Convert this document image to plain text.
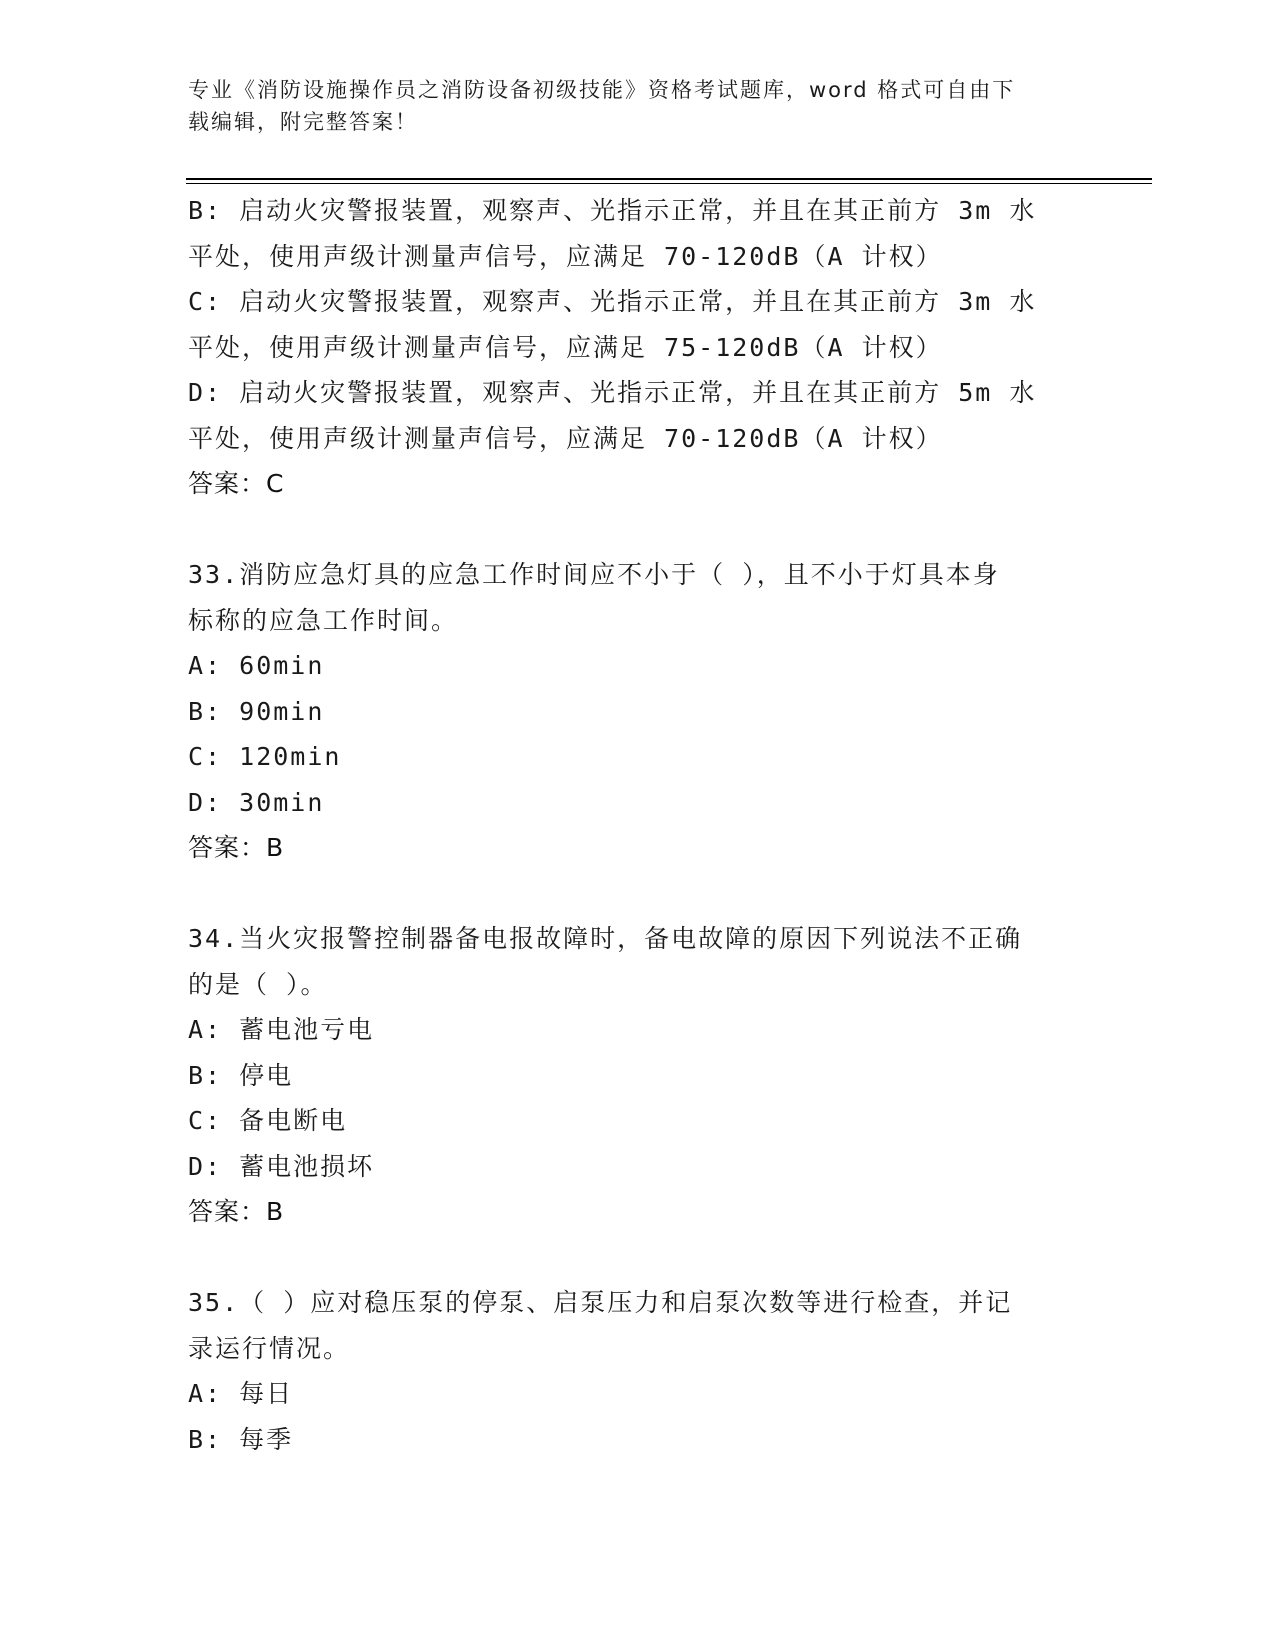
专业《消防设施操作员之消防设备初级技能》资格考试题库，word 格式可自由下
载编辑，附完整答案！
B: 启动火灾警报装置，观察声、光指示正常，并且在其正前方 3m 水
平处，使用声级计测量声信号，应满足 70-120dB（A 计权）
C: 启动火灾警报装置，观察声、光指示正常，并且在其正前方 3m 水
平处，使用声级计测量声信号，应满足 75-120dB（A 计权）
D: 启动火灾警报装置，观察声、光指示正常，并且在其正前方 5m 水
平处，使用声级计测量声信号，应满足 70-120dB（A 计权）
答案：C
33.消防应急灯具的应急工作时间应不小于（ ），且不小于灯具本身
标称的应急工作时间。
A: 60min
B: 90min
C: 120min
D: 30min
答案：B
34.当火灾报警控制器备电报故障时，备电故障的原因下列说法不正确
的是（ ）。
A: 蓄电池亏电
B: 停电
C: 备电断电
D: 蓄电池损坏
答案：B
35.（ ）应对稳压泵的停泵、启泵压力和启泵次数等进行检查，并记
录运行情况。
A: 每日
B: 每季
